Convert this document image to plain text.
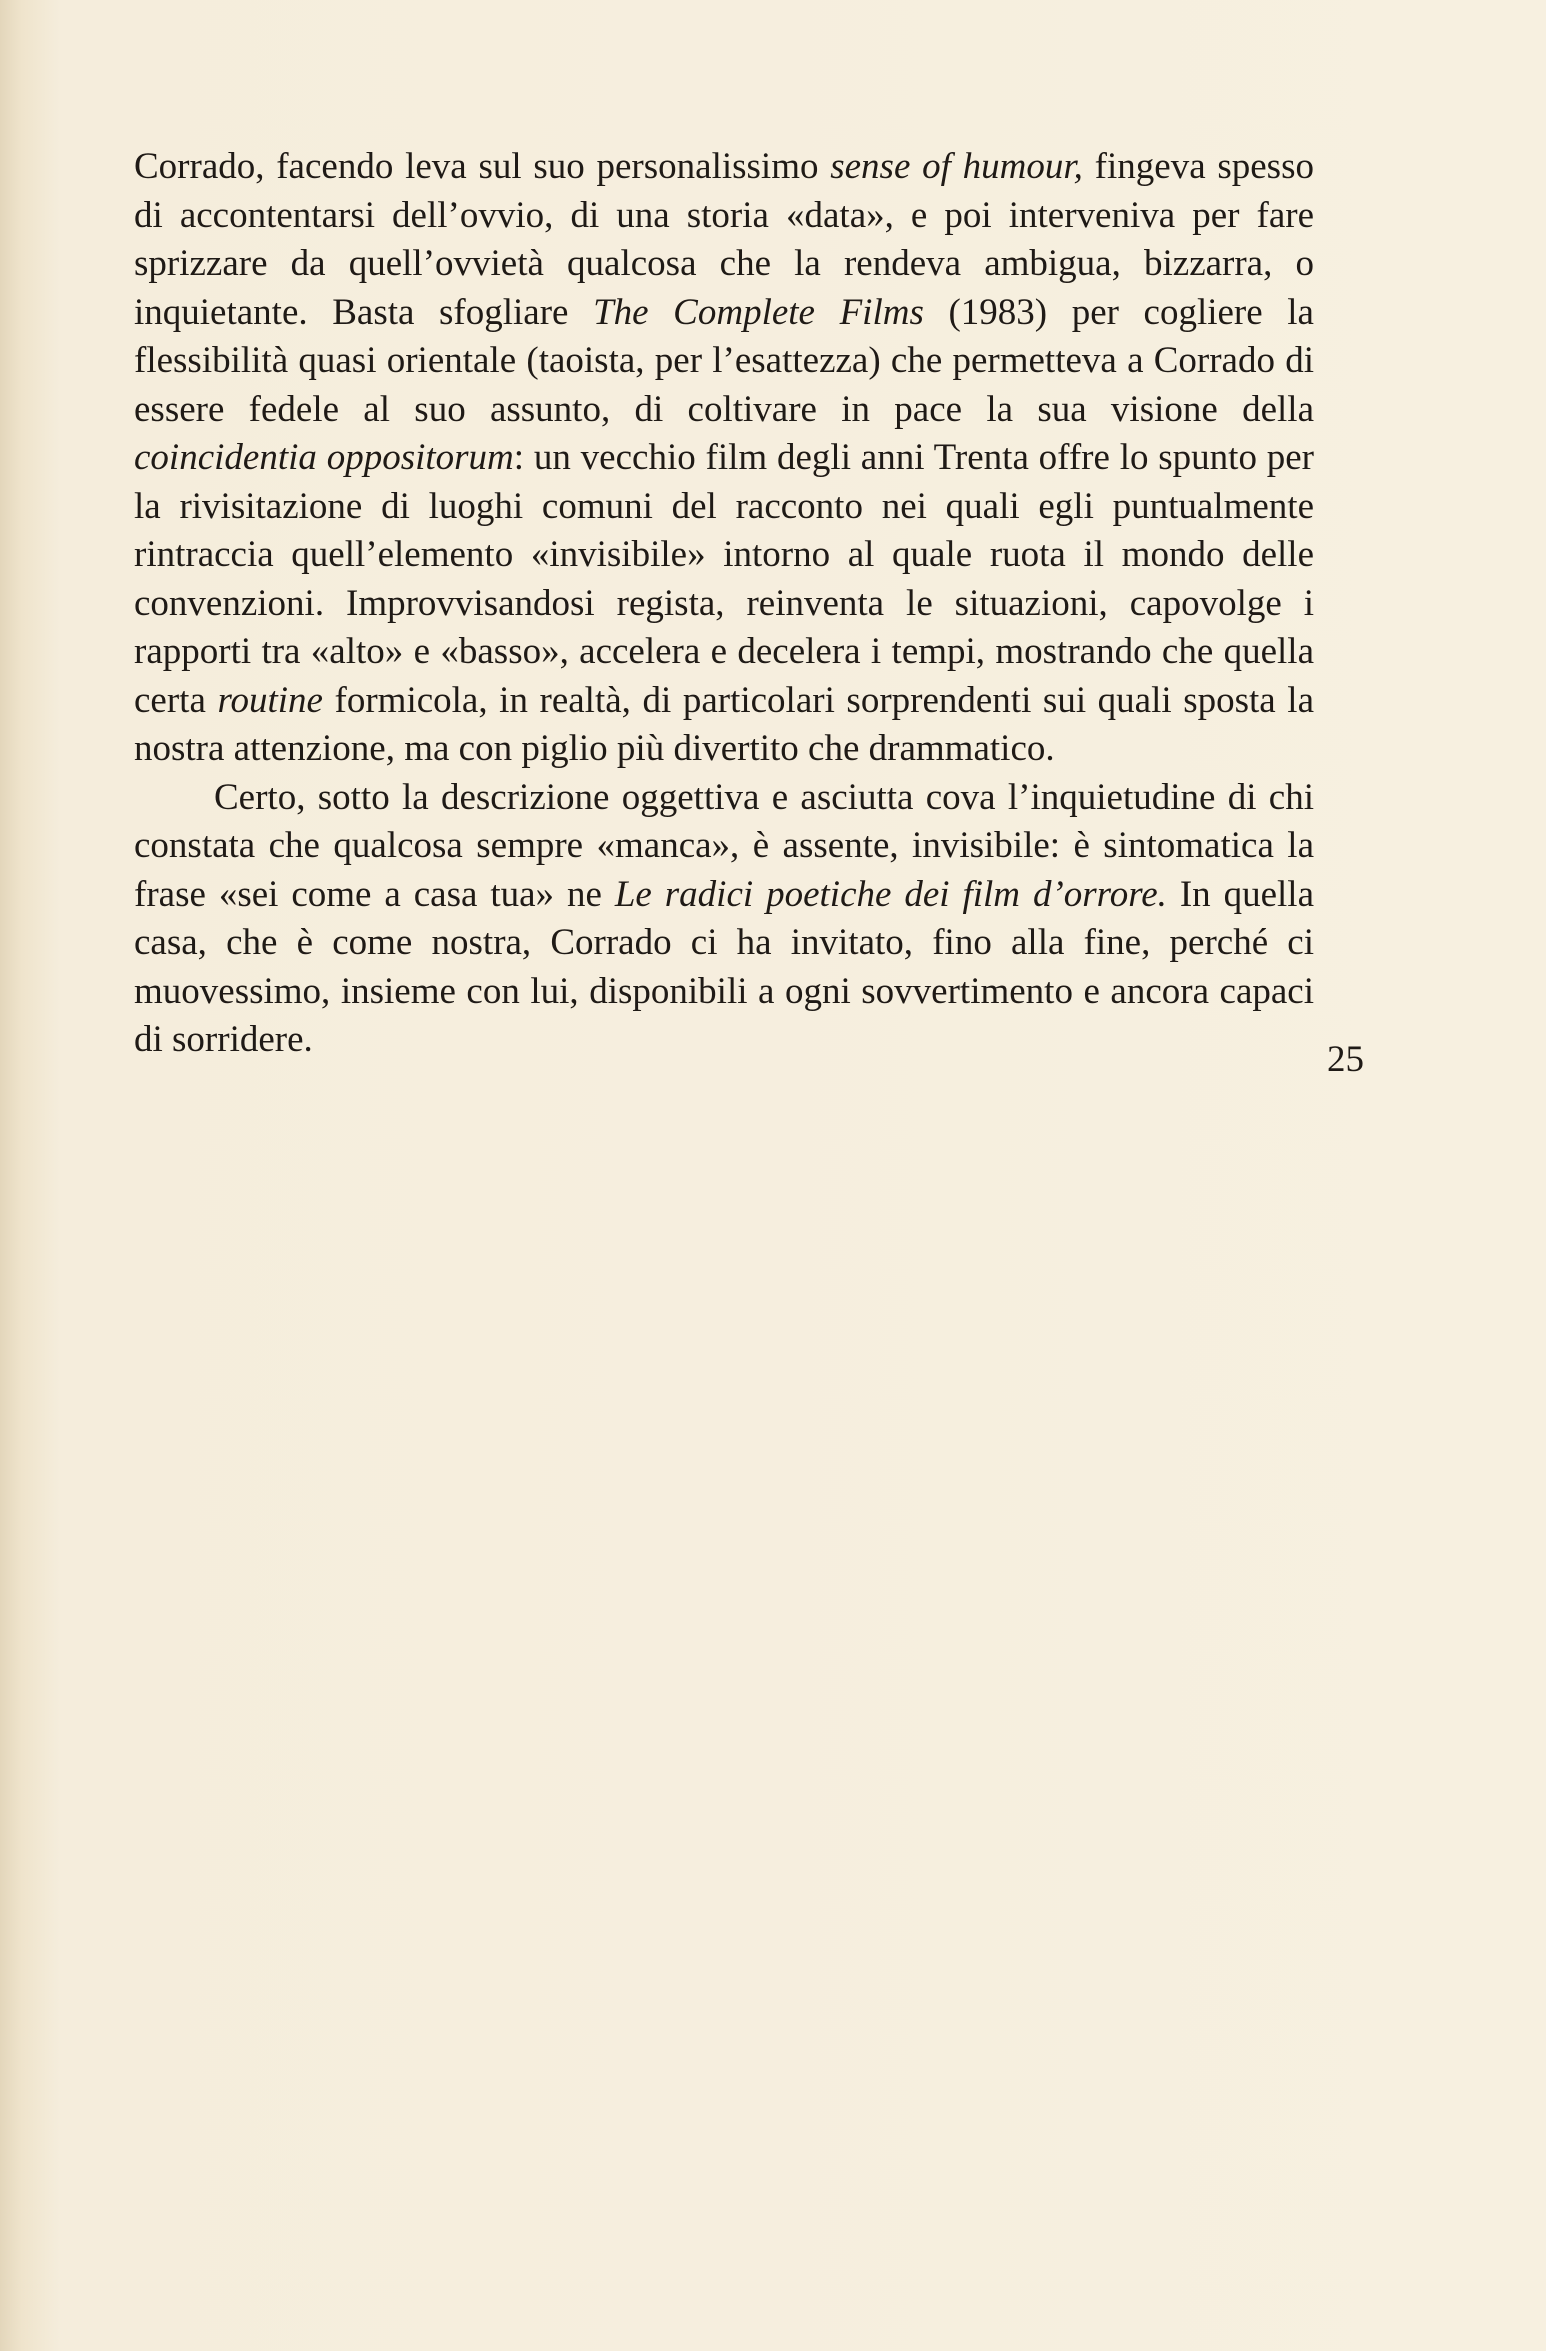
Corrado, facendo leva sul suo personalissimo sense of humour, fingeva spesso di accontentarsi dell’ovvio, di una storia «data», e poi interveniva per fare sprizzare da quell’ovvietà qualcosa che la rendeva ambigua, bizzarra, o inquietante. Basta sfogliare The Complete Films (1983) per cogliere la flessibilità quasi orientale (taoista, per l’esattezza) che permetteva a Corrado di essere fedele al suo assunto, di coltivare in pace la sua visione della coincidentia oppositorum: un vecchio film degli anni Trenta offre lo spunto per la rivisitazione di luoghi comuni del racconto nei quali egli puntualmente rintraccia quell’elemento «invisibile» intorno al quale ruota il mondo delle convenzioni. Improvvisandosi regista, reinventa le situazioni, capovolge i rapporti tra «alto» e «basso», accelera e decelera i tempi, mostrando che quella certa routine formicola, in realtà, di particolari sorprendenti sui quali sposta la nostra attenzione, ma con piglio più divertito che drammatico.

Certo, sotto la descrizione oggettiva e asciutta cova l’inquietudine di chi constata che qualcosa sempre «manca», è assente, invisibile: è sintomatica la frase «sei come a casa tua» ne Le radici poetiche dei film d’orrore. In quella casa, che è come nostra, Corrado ci ha invitato, fino alla fine, perché ci muovessimo, insieme con lui, disponibili a ogni sovvertimento e ancora capaci di sorridere.	25
